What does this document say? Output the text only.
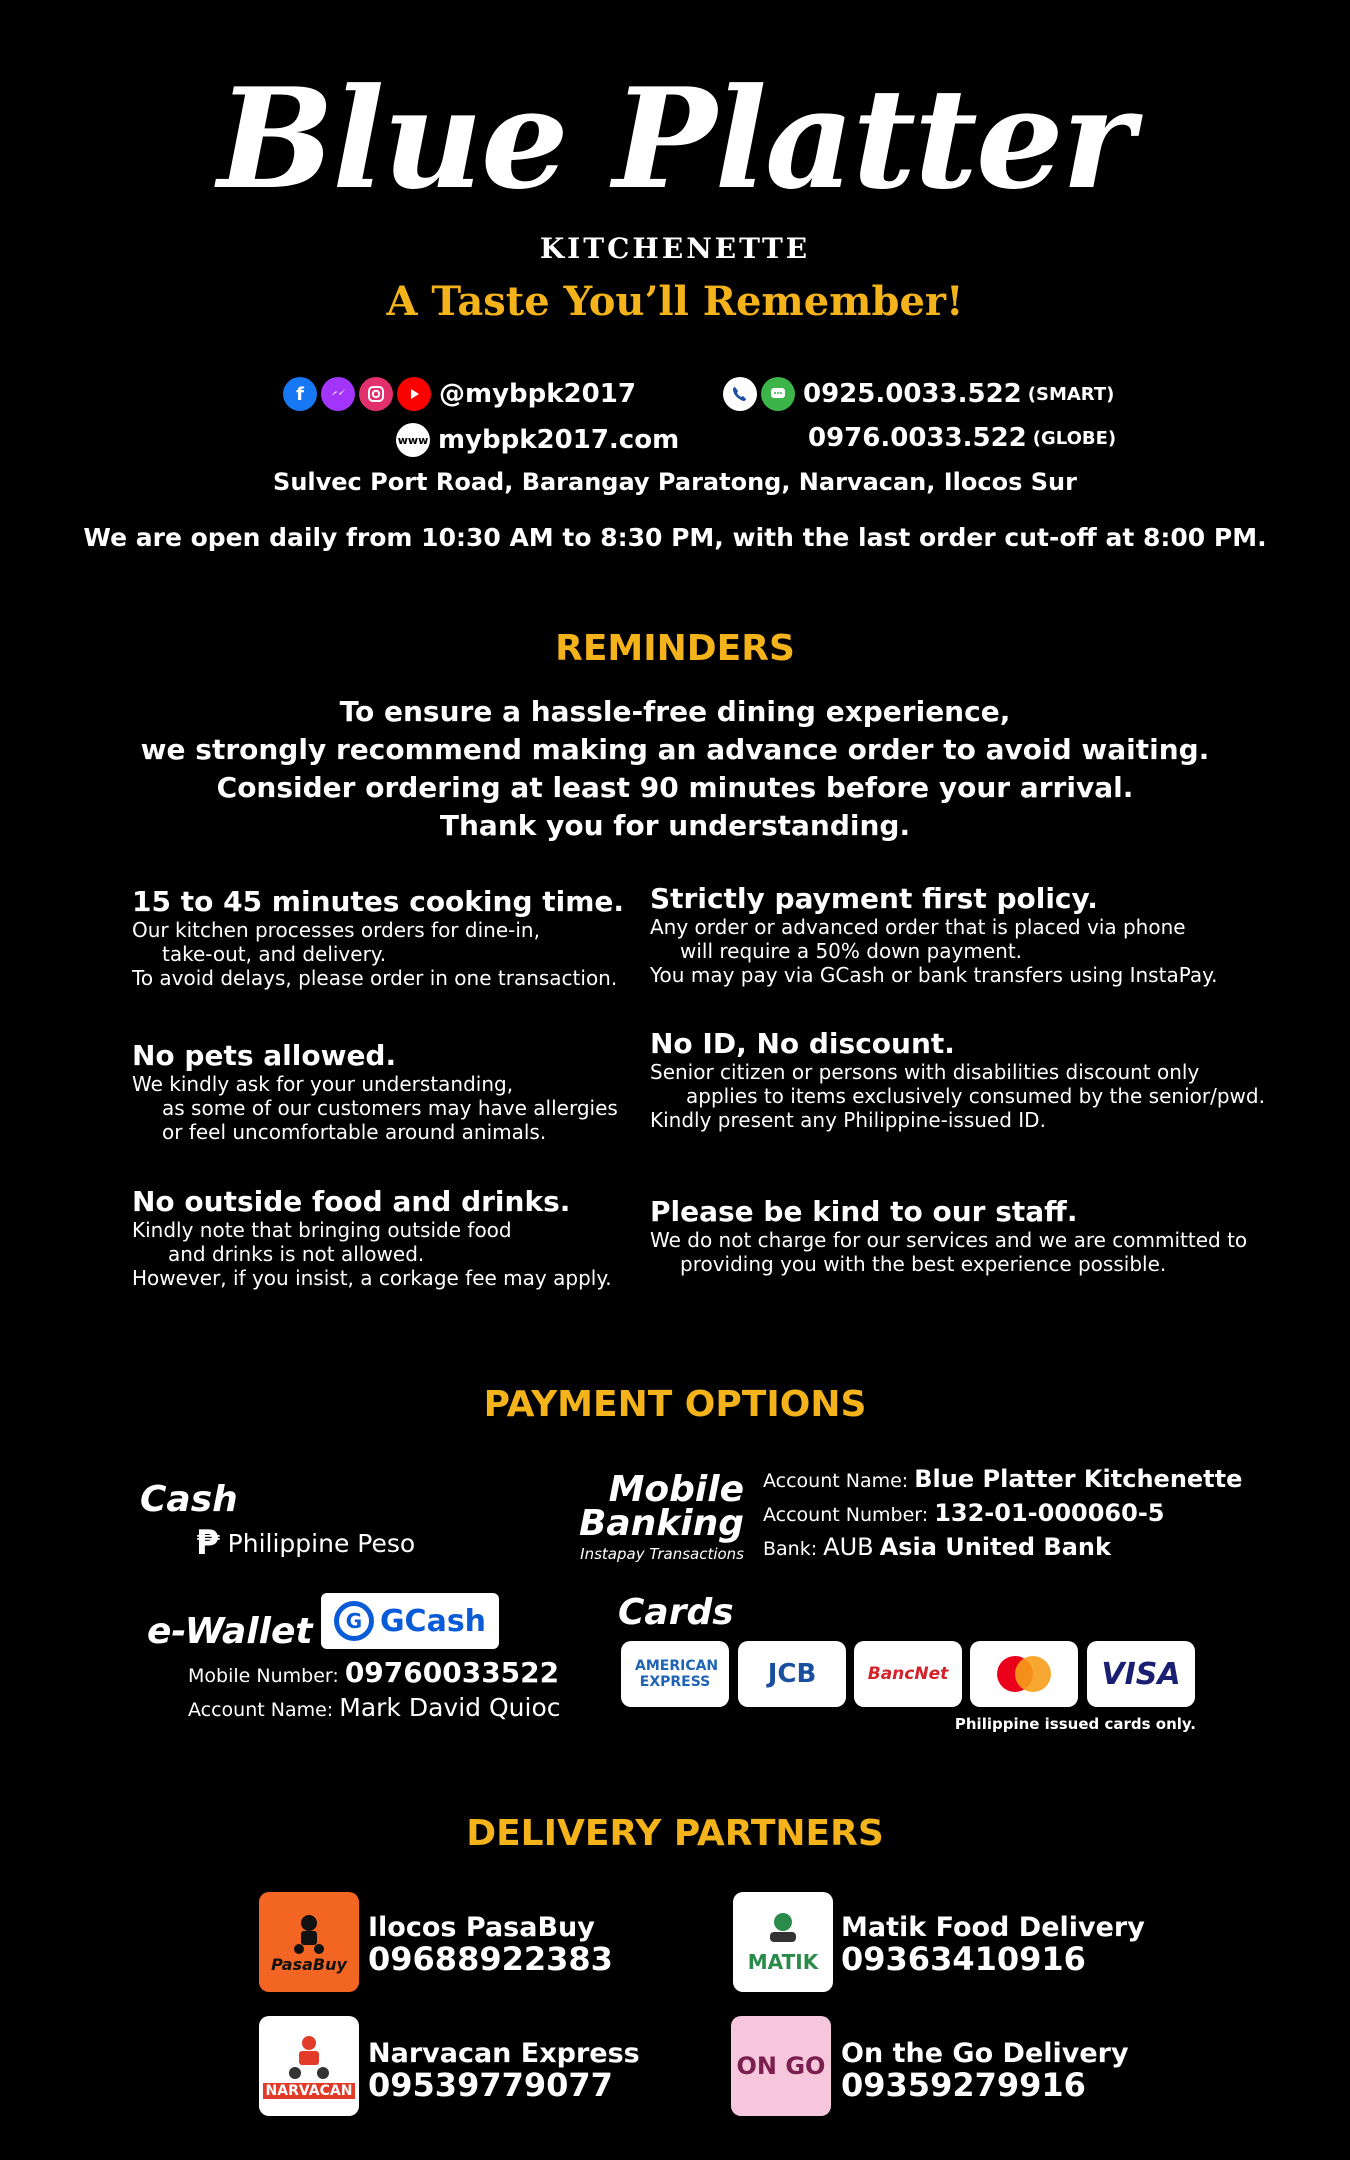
Blue Platter
KITCHENETTE
A Taste You’ll Remember!
f	@mybpk2017
www mybpk2017.com
0925.0033.522 (SMART)
0976.0033.522 (GLOBE)
Sulvec Port Road, Barangay Paratong, Narvacan, Ilocos Sur
We are open daily from 10:30 AM to 8:30 PM, with the last order cut-off at 8:00 PM.
REMINDERS
To ensure a hassle-free dining experience,
we strongly recommend making an advance order to avoid waiting.
Consider ordering at least 90 minutes before your arrival.
Thank you for understanding.
15 to 45 minutes cooking time.

Our kitchen processes orders for dine-in,

take-out, and delivery.

To avoid delays, please order in one transaction.

Strictly payment first policy.

Any order or advanced order that is placed via phone

will require a 50% down payment.

You may pay via GCash or bank transfers using InstaPay.

No pets allowed.

We kindly ask for your understanding,

as some of our customers may have allergies

or feel uncomfortable around animals.

No ID, No discount.

Senior citizen or persons with disabilities discount only

applies to items exclusively consumed by the senior/pwd.

Kindly present any Philippine-issued ID.

No outside food and drinks.

Kindly note that bringing outside food

and drinks is not allowed.

However, if you insist, a corkage fee may apply.

Please be kind to our staff.

We do not charge for our services and we are committed to

providing you with the best experience possible.

PAYMENT OPTIONS
Cash
₱ Philippine Peso
Mobile
Banking
Instapay Transactions
Account Name: Blue Platter Kitchenette
Account Number: 132-01-000060-5
Bank: AUB Asia United Bank
e-Wallet	G GCash
Mobile Number: 09760033522
Account Name: Mark David Quioc
Cards
AMERICAN EXPRESS JCB	BancNet	VISA
Philippine issued cards only.
DELIVERY PARTNERS
PasaBuy
Ilocos PasaBuy
09688922383	MATIK
Matik Food Delivery
09363410916
NARVACAN
Narvacan Express
09539779077	ON GO On the Go Delivery
09359279916
